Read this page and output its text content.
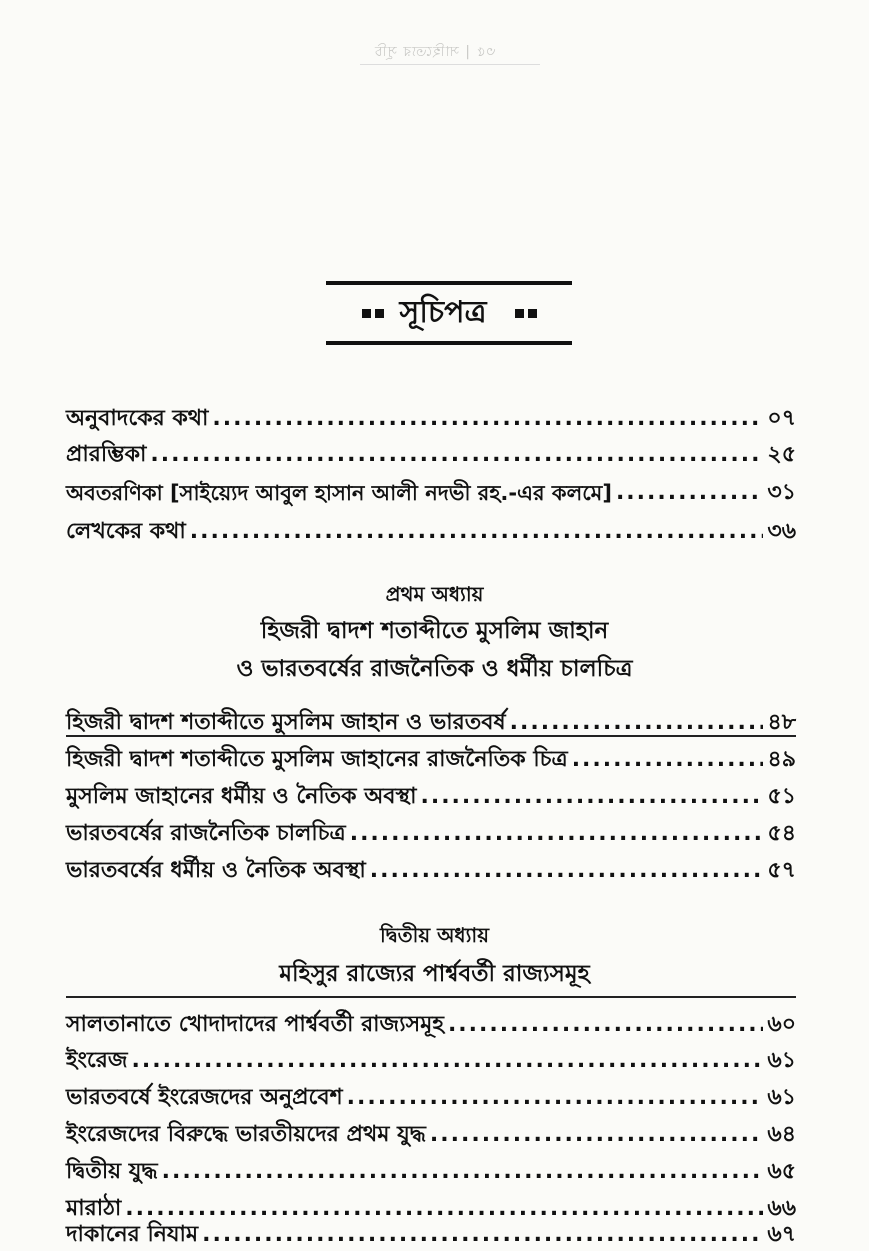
৩৫ | সাহিত্যের সূচি
সূচিপত্র
অনুবাদকের কথা .....	০৭
প্রারম্ভিকা .....	২৫
অবতরণিকা [সাইয়্যেদ আবুল হাসান আলী নদভী রহ.-এর কলমে] .....	৩১
লেখকের কথা .....	৩৬
প্রথম অধ্যায়
হিজরী দ্বাদশ শতাব্দীতে মুসলিম জাহান
ও ভারতবর্ষের রাজনৈতিক ও ধর্মীয় চালচিত্র
হিজরী দ্বাদশ শতাব্দীতে মুসলিম জাহান ও ভারতবর্ষ .....	৪৮
হিজরী দ্বাদশ শতাব্দীতে মুসলিম জাহানের রাজনৈতিক চিত্র .....	৪৯
মুসলিম জাহানের ধর্মীয় ও নৈতিক অবস্থা .....	৫১
ভারতবর্ষের রাজনৈতিক চালচিত্র .....	৫৪
ভারতবর্ষের ধর্মীয় ও নৈতিক অবস্থা .....	৫৭
দ্বিতীয় অধ্যায়
মহিসুর রাজ্যের পার্শ্ববর্তী রাজ্যসমূহ
সালতানাতে খোদাদাদের পার্শ্ববর্তী রাজ্যসমূহ .....	৬০
ইংরেজ .....	৬১
ভারতবর্ষে ইংরেজদের অনুপ্রবেশ .....	৬১
ইংরেজদের বিরুদ্ধে ভারতীয়দের প্রথম যুদ্ধ .....	৬৪
দ্বিতীয় যুদ্ধ .....	৬৫
মারাঠা .....	৬৬
দাকানের নিযাম .....	৬৭
